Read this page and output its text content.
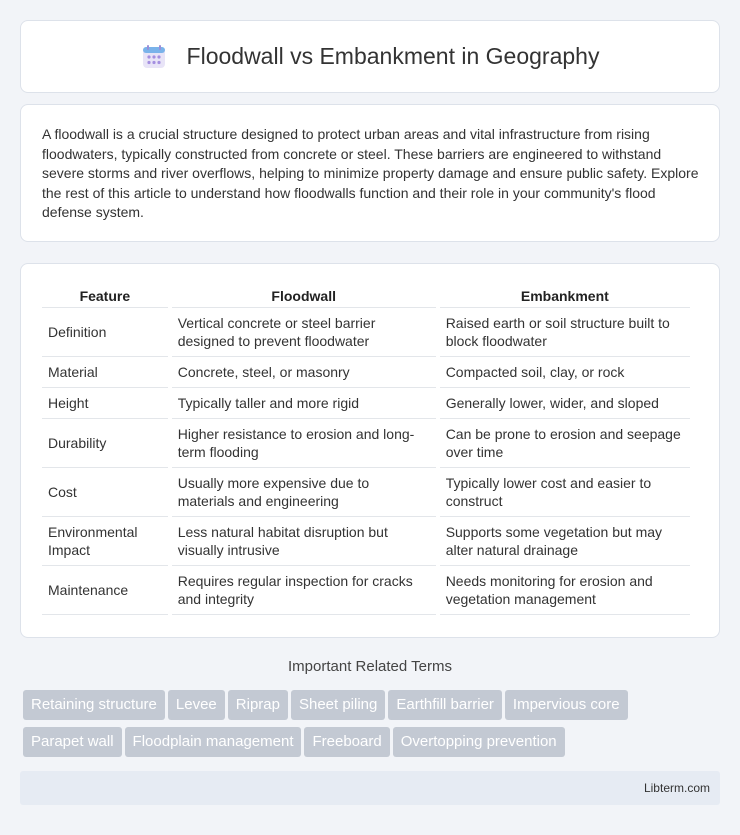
Floodwall vs Embankment in Geography

A floodwall is a crucial structure designed to protect urban areas and vital infrastructure from rising floodwaters, typically constructed from concrete or steel. These barriers are engineered to withstand severe storms and river overflows, helping to minimize property damage and ensure public safety. Explore the rest of this article to understand how floodwalls function and their role in your community's flood defense system.

Feature	Floodwall	Embankment
Definition	Vertical concrete or steel barrier designed to prevent floodwater	Raised earth or soil structure built to block floodwater
Material	Concrete, steel, or masonry	Compacted soil, clay, or rock
Height	Typically taller and more rigid	Generally lower, wider, and sloped
Durability	Higher resistance to erosion and long-term flooding	Can be prone to erosion and seepage over time
Cost	Usually more expensive due to materials and engineering	Typically lower cost and easier to construct
Environmental Impact	Less natural habitat disruption but visually intrusive	Supports some vegetation but may alter natural drainage
Maintenance	Requires regular inspection for cracks and integrity	Needs monitoring for erosion and vegetation management
Important Related Terms
Retaining structure Levee Riprap Sheet piling Earthfill barrier Impervious coreParapet wall Floodplain management Freeboard Overtopping prevention
Libterm.com
